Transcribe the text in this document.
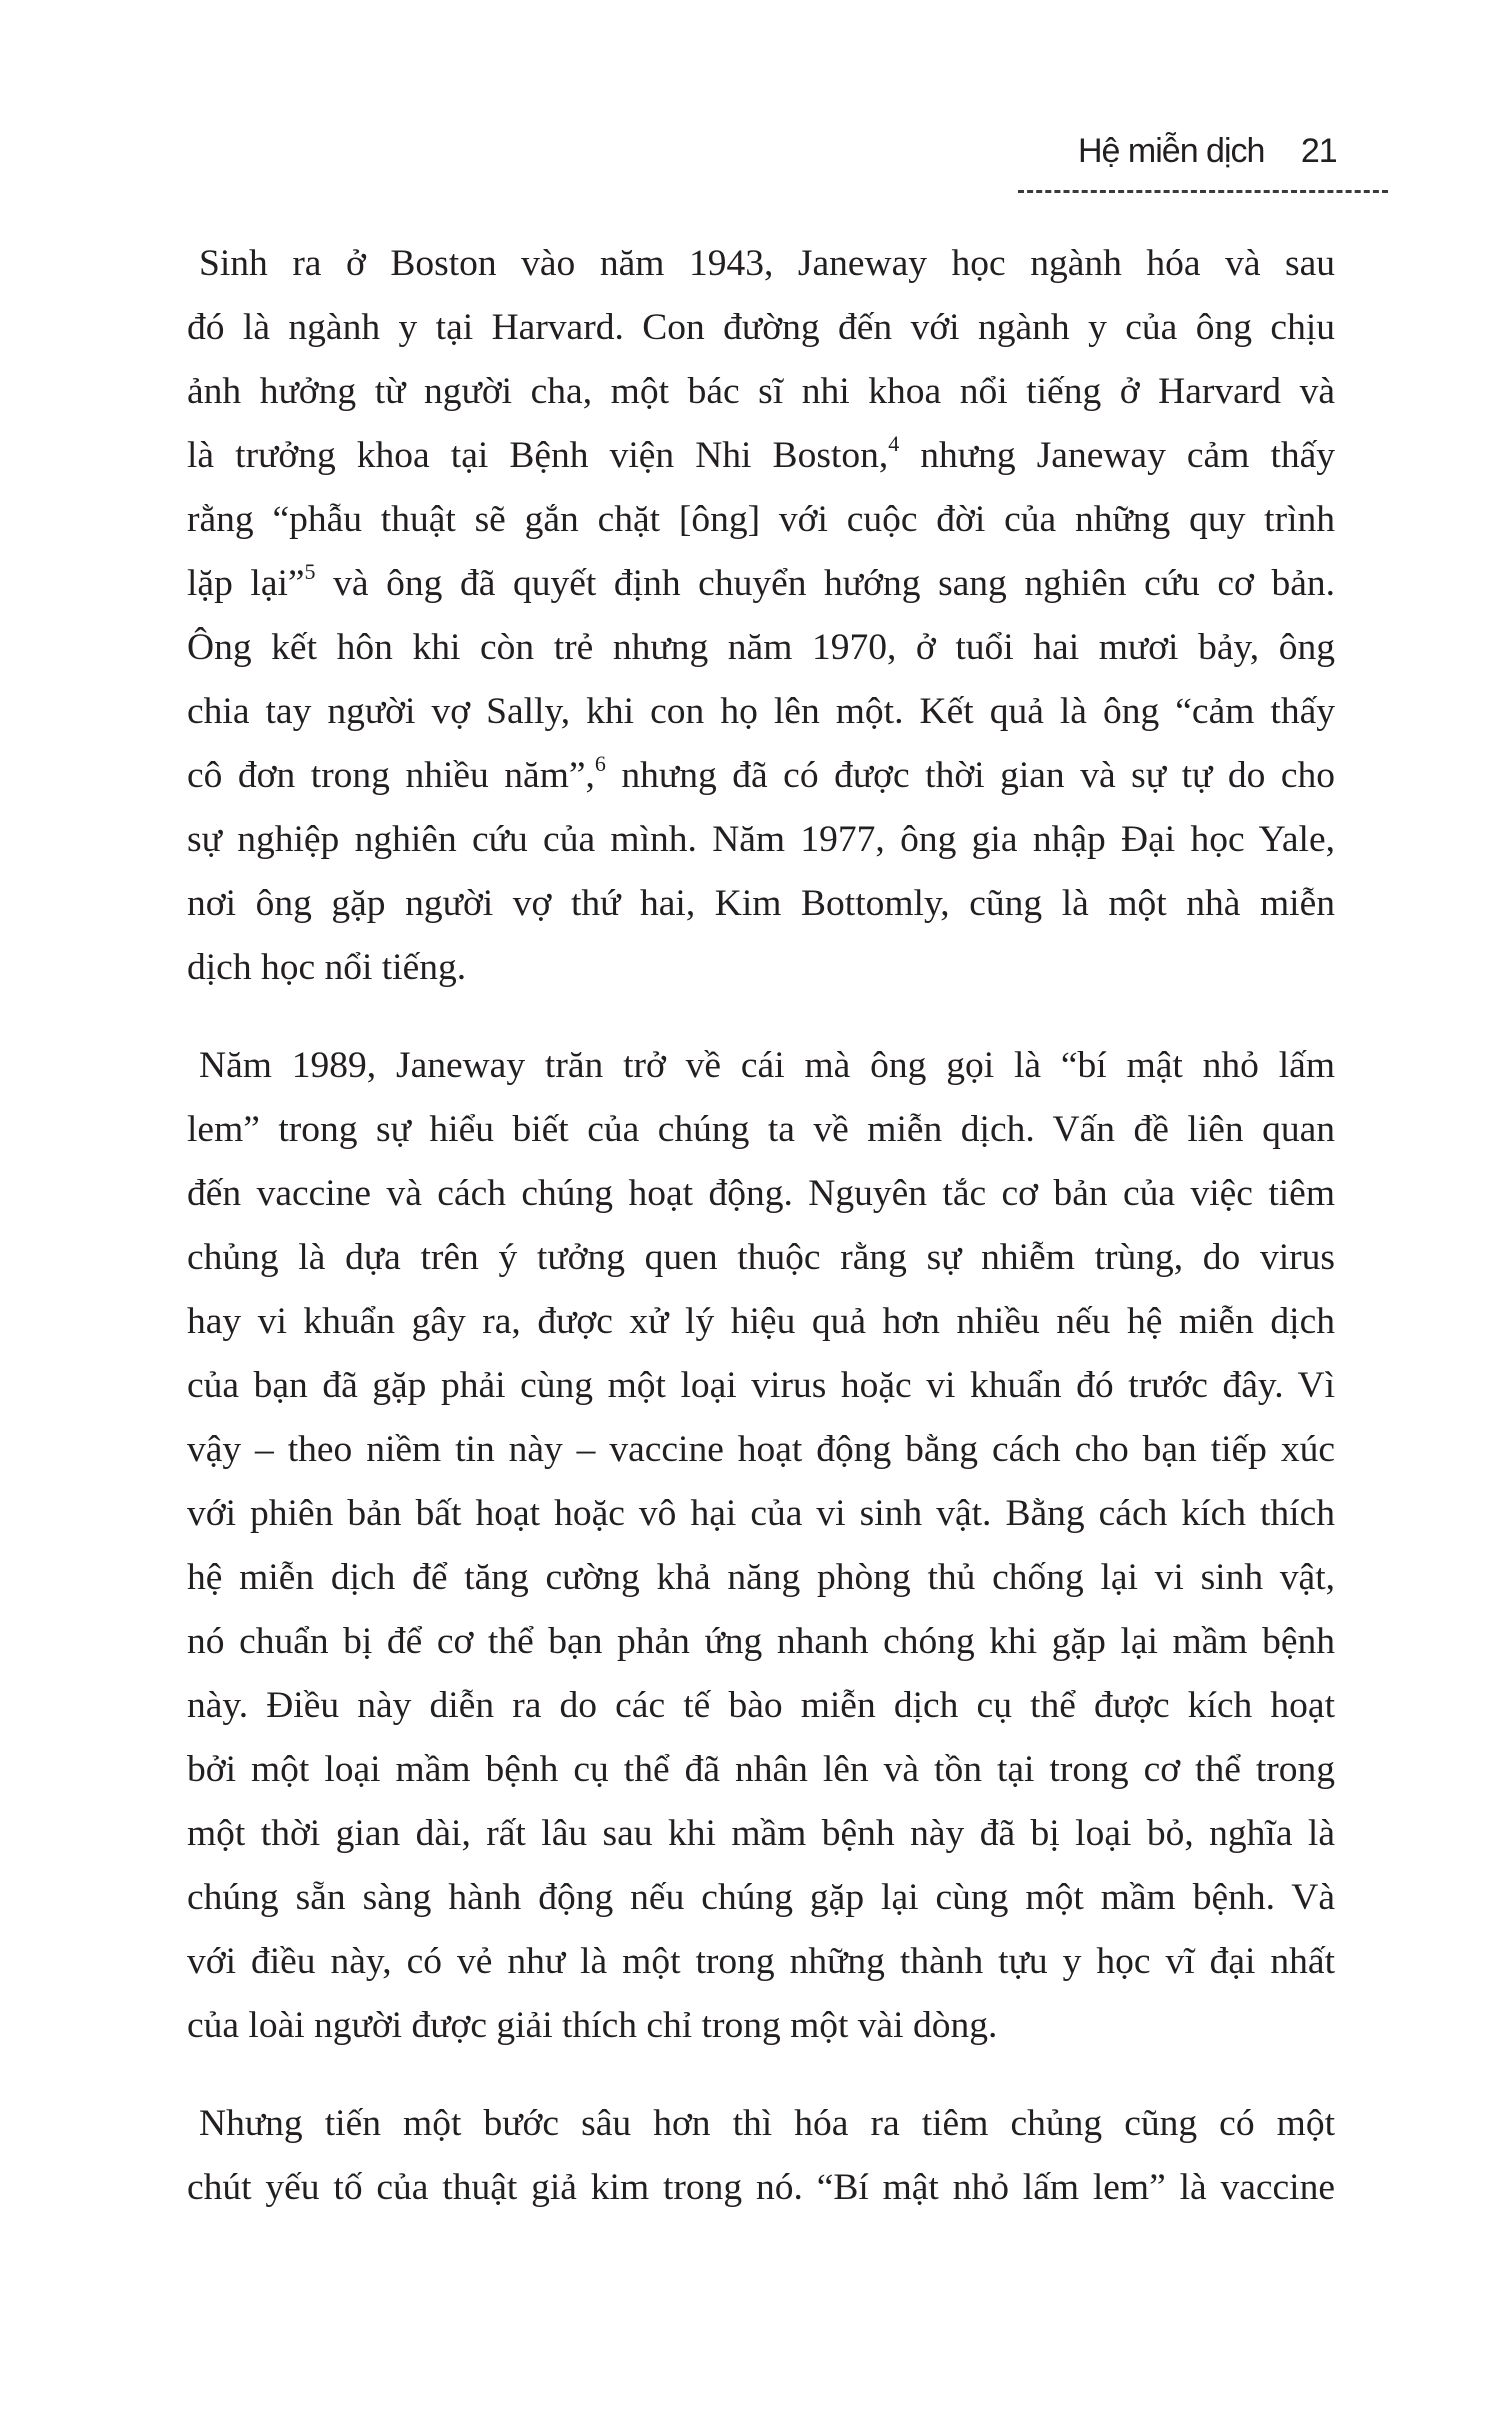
Hệ miễn dịch 21

Sinh ra ở Boston vào năm 1943, Janeway học ngành hóa và sau
đó là ngành y tại Harvard. Con đường đến với ngành y của ông chịu
ảnh hưởng từ người cha, một bác sĩ nhi khoa nổi tiếng ở Harvard và
là trưởng khoa tại Bệnh viện Nhi Boston,$^4$ nhưng Janeway cảm thấy
rằng “phẫu thuật sẽ gắn chặt [ông] với cuộc đời của những quy trình
lặp lại”$^5$ và ông đã quyết định chuyển hướng sang nghiên cứu cơ bản.
Ông kết hôn khi còn trẻ nhưng năm 1970, ở tuổi hai mươi bảy, ông
chia tay người vợ Sally, khi con họ lên một. Kết quả là ông “cảm thấy
cô đơn trong nhiều năm”,$^6$ nhưng đã có được thời gian và sự tự do cho
sự nghiệp nghiên cứu của mình. Năm 1977, ông gia nhập Đại học Yale,
nơi ông gặp người vợ thứ hai, Kim Bottomly, cũng là một nhà miễn
dịch học nổi tiếng.

Năm 1989, Janeway trăn trở về cái mà ông gọi là “bí mật nhỏ lấm
lem” trong sự hiểu biết của chúng ta về miễn dịch. Vấn đề liên quan
đến vaccine và cách chúng hoạt động. Nguyên tắc cơ bản của việc tiêm
chủng là dựa trên ý tưởng quen thuộc rằng sự nhiễm trùng, do virus
hay vi khuẩn gây ra, được xử lý hiệu quả hơn nhiều nếu hệ miễn dịch
của bạn đã gặp phải cùng một loại virus hoặc vi khuẩn đó trước đây. Vì
vậy – theo niềm tin này – vaccine hoạt động bằng cách cho bạn tiếp xúc
với phiên bản bất hoạt hoặc vô hại của vi sinh vật. Bằng cách kích thích
hệ miễn dịch để tăng cường khả năng phòng thủ chống lại vi sinh vật,
nó chuẩn bị để cơ thể bạn phản ứng nhanh chóng khi gặp lại mầm bệnh
này. Điều này diễn ra do các tế bào miễn dịch cụ thể được kích hoạt
bởi một loại mầm bệnh cụ thể đã nhân lên và tồn tại trong cơ thể trong
một thời gian dài, rất lâu sau khi mầm bệnh này đã bị loại bỏ, nghĩa là
chúng sẵn sàng hành động nếu chúng gặp lại cùng một mầm bệnh. Và
với điều này, có vẻ như là một trong những thành tựu y học vĩ đại nhất
của loài người được giải thích chỉ trong một vài dòng.

Nhưng tiến một bước sâu hơn thì hóa ra tiêm chủng cũng có một
chút yếu tố của thuật giả kim trong nó. “Bí mật nhỏ lấm lem” là vaccine
